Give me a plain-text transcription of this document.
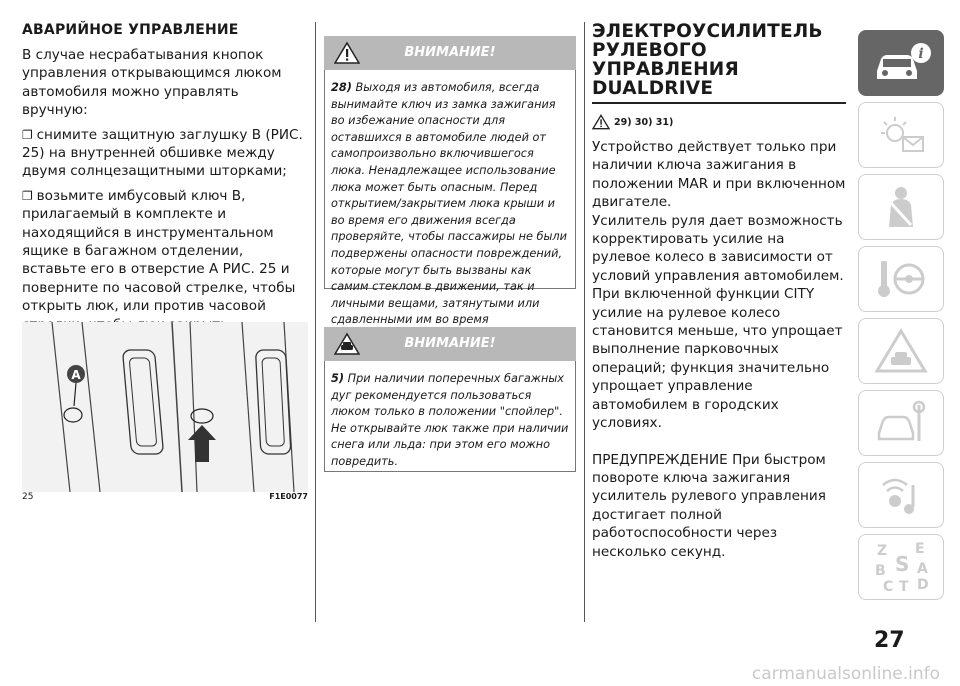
АВАРИЙНОЕ УПРАВЛЕНИЕ

В случае несрабатывания кнопок управления открывающимся люком автомобиля можно управлять вручную:

❐ снимите защитную заглушку B (РИС. 25) на внутренней обшивке между двумя солнцезащитными шторками;

❐ возьмите имбусовый ключ B, прилагаемый в комплекте и находящийся в инструментальном ящике в багажном отделении, вставьте его в отверстие A РИС. 25 и поверните по часовой стрелке, чтобы открыть люк, или против часовой

A
25	F1E0077
ВНИМАНИЕ!
28) Выходя из автомобиля, всегда вынимайте ключ из замка зажигания во избежание опасности для оставшихся в автомобиле людей от самопроизвольно включившегося люка. Ненадлежащее использование люка может быть опасным. Перед открытием/закрытием люка крыши и во время его движения всегда проверяйте, чтобы пассажиры не были подвержены опасности повреждений, которые могут быть вызваны как самим стеклом в движении, так и личными вещами, затянутыми или сдавленными им во время
ВНИМАНИЕ!
5) При наличии поперечных багажных дуг рекомендуется пользоваться люком только в положении "спойлер". Не открывайте люк также при наличии снега или льда: при этом его можно повредить.
ЭЛЕКТРОУСИЛИТЕЛЬ
РУЛЕВОГО УПРАВЛЕНИЯ
DUALDRIVE
29) 30) 31)

Устройство действует только при наличии ключа зажигания в положении MAR и при включенном двигателе.

Усилитель руля дает возможность корректировать усилие на рулевое колесо в зависимости от условий управления автомобилем. При включенной функции CITY усилие на рулевое колесо становится меньше, что упрощает выполнение парковочных операций; функция значительно упрощает управление автомобилем в городских условиях.

ПРЕДУПРЕЖДЕНИЕ При быстром повороте ключа зажигания усилитель рулевого управления достигает полной работоспособности через несколько секунд.

i
Z E
S A
B
C T D
27
carmanualsonline.info
